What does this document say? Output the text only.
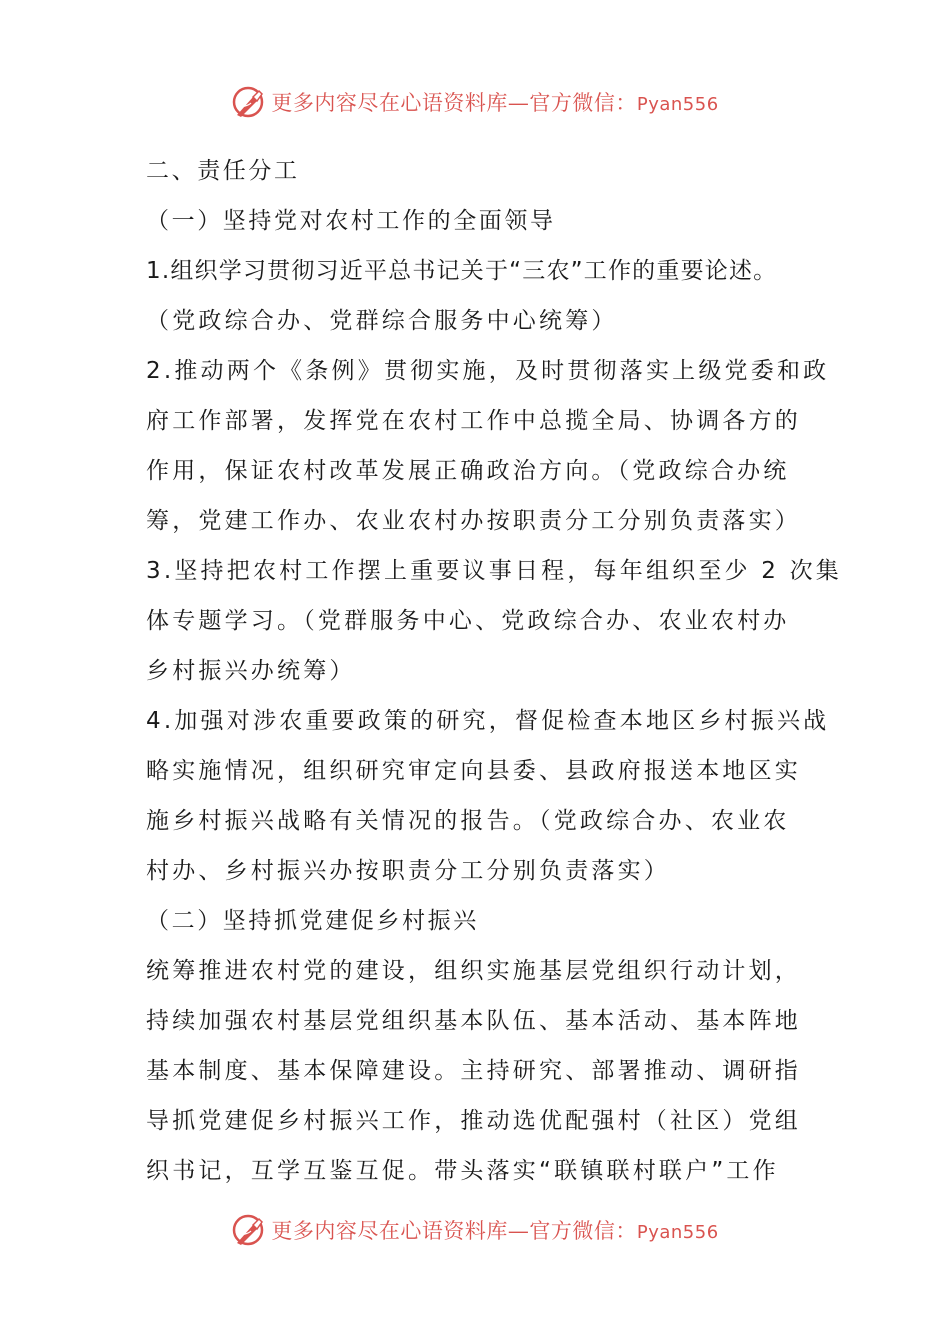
更多内容尽在心语资料库—官方微信：Pyan556
二、责任分工
（一）坚持党对农村工作的全面领导
1.组织学习贯彻习近平总书记关于“三农”工作的重要论述。
（党政综合办、党群综合服务中心统筹）
2.推动两个《条例》贯彻实施，及时贯彻落实上级党委和政
府工作部署，发挥党在农村工作中总揽全局、协调各方的
作用，保证农村改革发展正确政治方向。（党政综合办统
筹，党建工作办、农业农村办按职责分工分别负责落实）
3.坚持把农村工作摆上重要议事日程，每年组织至少 2 次集
体专题学习。（党群服务中心、党政综合办、农业农村办
乡村振兴办统筹）
4.加强对涉农重要政策的研究，督促检查本地区乡村振兴战
略实施情况，组织研究审定向县委、县政府报送本地区实
施乡村振兴战略有关情况的报告。（党政综合办、农业农
村办、乡村振兴办按职责分工分别负责落实）
（二）坚持抓党建促乡村振兴
统筹推进农村党的建设，组织实施基层党组织行动计划，
持续加强农村基层党组织基本队伍、基本活动、基本阵地
基本制度、基本保障建设。主持研究、部署推动、调研指
导抓党建促乡村振兴工作，推动选优配强村（社区）党组
织书记，互学互鉴互促。带头落实“联镇联村联户”工作
更多内容尽在心语资料库—官方微信：Pyan556
